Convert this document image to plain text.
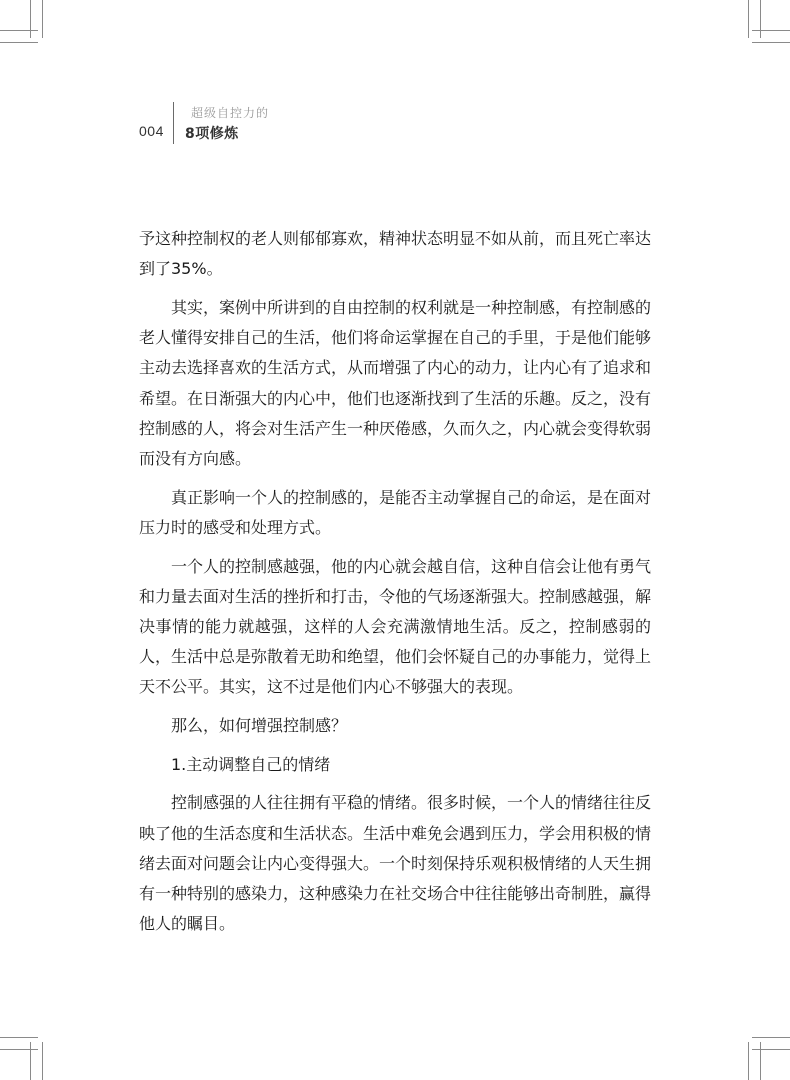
004
超级自控力的
8项修炼

予这种控制权的老人则郁郁寡欢，精神状态明显不如从前，而且死亡率达到了35%。

其实，案例中所讲到的自由控制的权利就是一种控制感，有控制感的老人懂得安排自己的生活，他们将命运掌握在自己的手里，于是他们能够主动去选择喜欢的生活方式，从而增强了内心的动力，让内心有了追求和希望。在日渐强大的内心中，他们也逐渐找到了生活的乐趣。反之，没有控制感的人，将会对生活产生一种厌倦感，久而久之，内心就会变得软弱而没有方向感。

真正影响一个人的控制感的，是能否主动掌握自己的命运，是在面对压力时的感受和处理方式。

一个人的控制感越强，他的内心就会越自信，这种自信会让他有勇气和力量去面对生活的挫折和打击，令他的气场逐渐强大。控制感越强，解决事情的能力就越强，这样的人会充满激情地生活。反之，控制感弱的人，生活中总是弥散着无助和绝望，他们会怀疑自己的办事能力，觉得上天不公平。其实，这不过是他们内心不够强大的表现。

那么，如何增强控制感？

1.主动调整自己的情绪

控制感强的人往往拥有平稳的情绪。很多时候，一个人的情绪往往反映了他的生活态度和生活状态。生活中难免会遇到压力，学会用积极的情绪去面对问题会让内心变得强大。一个时刻保持乐观积极情绪的人天生拥有一种特别的感染力，这种感染力在社交场合中往往能够出奇制胜，赢得他人的瞩目。
